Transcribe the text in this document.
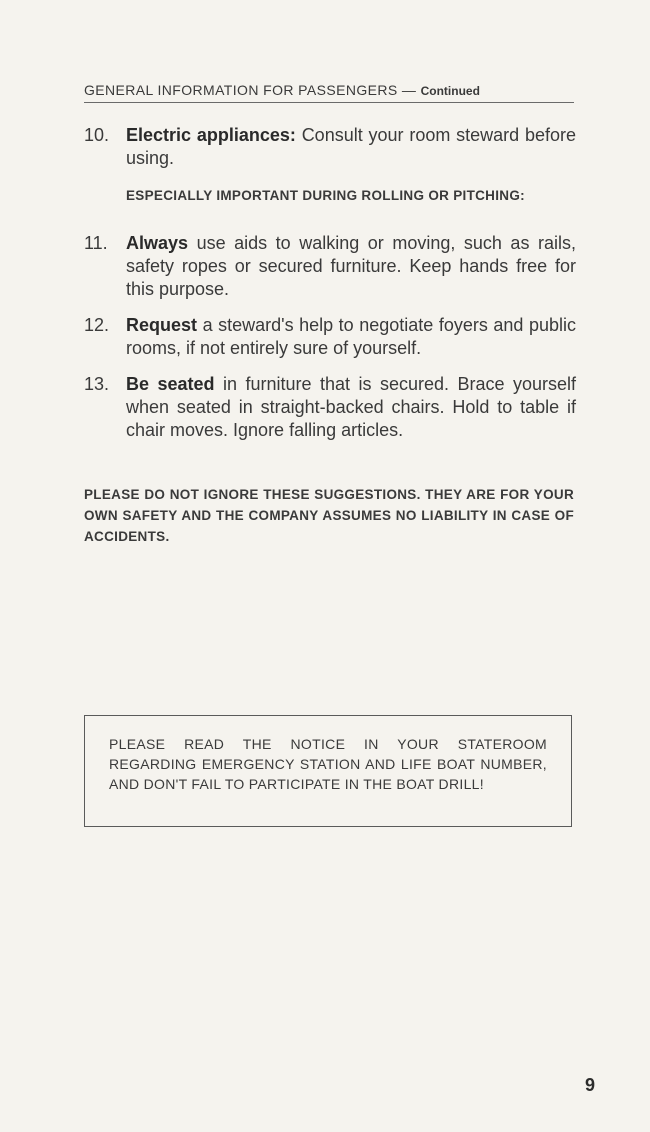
GENERAL INFORMATION FOR PASSENGERS — Continued
10. Electric appliances: Consult your room steward before using.
ESPECIALLY IMPORTANT DURING ROLLING OR PITCHING:
11.	Always use aids to walking or moving, such as rails, safety ropes or secured furniture. Keep hands free for this purpose.
12. Request a steward's help to negotiate foyers and public rooms, if not entirely sure of yourself.
13. Be seated in furniture that is secured. Brace yourself when seated in straight-backed chairs. Hold to table if chair moves. Ignore falling articles.
PLEASE DO NOT IGNORE THESE SUGGESTIONS. THEY ARE FOR YOUR OWN SAFETY AND THE COMPANY ASSUMES NO LIABILITY IN CASE OF ACCIDENTS.
PLEASE READ THE NOTICE IN YOUR STATEROOM REGARDING EMERGENCY STATION AND LIFE BOAT NUMBER, AND DON'T FAIL TO PARTICIPATE IN THE BOAT DRILL!
9
